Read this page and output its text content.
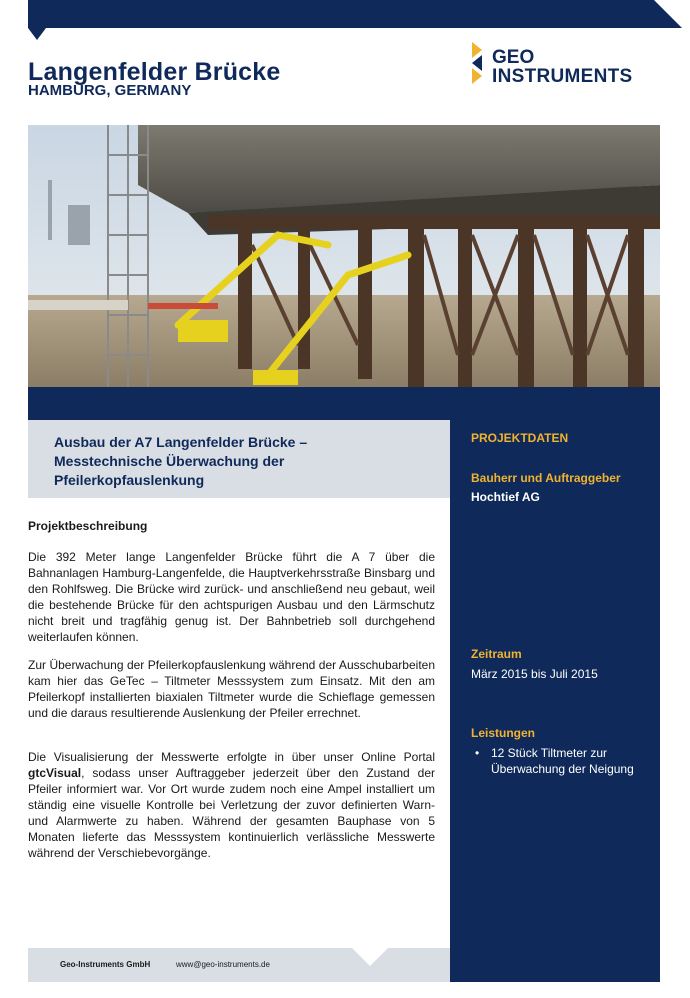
Langenfelder Brücke
HAMBURG, GERMANY
GEO
INSTRUMENTS
Ausbau der A7 Langenfelder Brücke – Messtechnische Überwachung der Pfeilerkopfauslenkung
Projektbeschreibung
Die 392 Meter lange Langenfelder Brücke führt die A 7 über die Bahnanlagen Hamburg-Langenfelde, die Hauptverkehrsstraße Binsbarg und den Rohlfsweg. Die Brücke wird zurück- und anschließend neu gebaut, weil die bestehende Brücke für den achtspurigen Ausbau und den Lärmschutz nicht breit und tragfähig genug ist. Der Bahnbetrieb soll durchgehend weiterlaufen können.
Zur Überwachung der Pfeilerkopfauslenkung während der Ausschubarbeiten kam hier das GeTec – Tiltmeter Messsystem zum Einsatz. Mit den am Pfeilerkopf installierten biaxialen Tiltmeter wurde die Schieflage gemessen und die daraus resultierende Auslenkung der Pfeiler errechnet.
Die Visualisierung der Messwerte erfolgte in über unser Online Portal gtcVisual, sodass unser Auftraggeber jederzeit über den Zustand der Pfeiler informiert war. Vor Ort wurde zudem noch eine Ampel installiert um ständig eine visuelle Kontrolle bei Verletzung der zuvor definierten Warn- und Alarmwerte zu haben. Während der gesamten Bauphase von 5 Monaten lieferte das Messsystem kontinuierlich verlässliche Messwerte während der Verschiebevorgänge.
PROJEKTDATEN
Bauherr und Auftraggeber
Hochtief AG
Zeitraum
März 2015 bis Juli 2015
Leistungen
• 12 Stück Tiltmeter zur Überwachung der Neigung
Geo-Instruments GmbH	www@geo-instruments.de
